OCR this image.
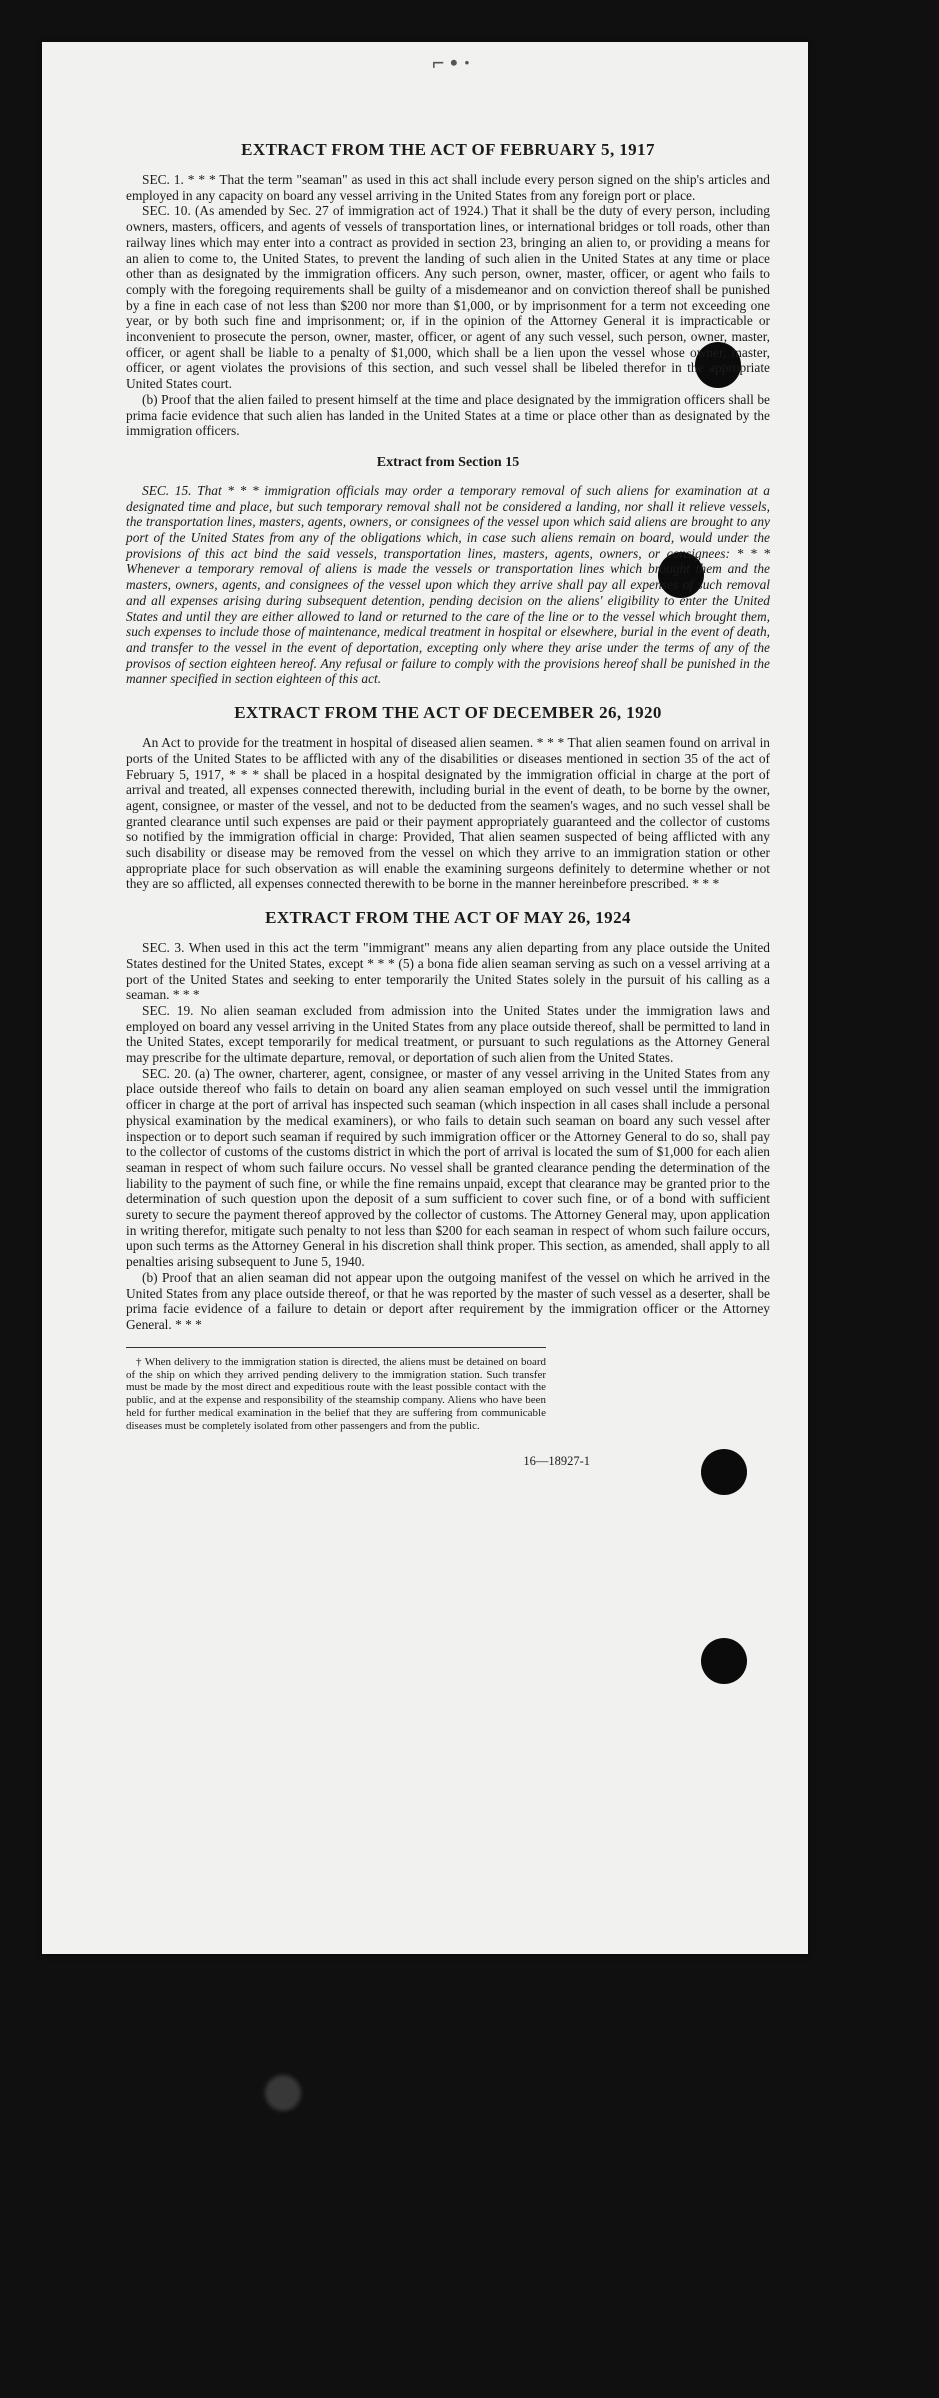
⌐ • ·
EXTRACT FROM THE ACT OF FEBRUARY 5, 1917

SEC. 1. * * * That the term "seaman" as used in this act shall include every person signed on the ship's articles and employed in any capacity on board any vessel arriving in the United States from any foreign port or place.

SEC. 10. (As amended by Sec. 27 of immigration act of 1924.) That it shall be the duty of every person, including owners, masters, officers, and agents of vessels of transportation lines, or international bridges or toll roads, other than railway lines which may enter into a contract as provided in section 23, bringing an alien to, or providing a means for an alien to come to, the United States, to prevent the landing of such alien in the United States at any time or place other than as designated by the immigration officers. Any such person, owner, master, officer, or agent who fails to comply with the foregoing requirements shall be guilty of a misdemeanor and on conviction thereof shall be punished by a fine in each case of not less than $200 nor more than $1,000, or by imprisonment for a term not exceeding one year, or by both such fine and imprisonment; or, if in the opinion of the Attorney General it is impracticable or inconvenient to prosecute the person, owner, master, officer, or agent of any such vessel, such person, owner, master, officer, or agent shall be liable to a penalty of $1,000, which shall be a lien upon the vessel whose owner, master, officer, or agent violates the provisions of this section, and such vessel shall be libeled therefor in the appropriate United States court.

(b) Proof that the alien failed to present himself at the time and place designated by the immigration officers shall be prima facie evidence that such alien has landed in the United States at a time or place other than as designated by the immigration officers.

Extract from Section 15

SEC. 15. That * * * immigration officials may order a temporary removal of such aliens for examination at a designated time and place, but such temporary removal shall not be considered a landing, nor shall it relieve vessels, the transportation lines, masters, agents, owners, or consignees of the vessel upon which said aliens are brought to any port of the United States from any of the obligations which, in case such aliens remain on board, would under the provisions of this act bind the said vessels, transportation lines, masters, agents, owners, or consignees: * * * Whenever a temporary removal of aliens is made the vessels or transportation lines which brought them and the masters, owners, agents, and consignees of the vessel upon which they arrive shall pay all expenses of such removal and all expenses arising during subsequent detention, pending decision on the aliens' eligibility to enter the United States and until they are either allowed to land or returned to the care of the line or to the vessel which brought them, such expenses to include those of maintenance, medical treatment in hospital or elsewhere, burial in the event of death, and transfer to the vessel in the event of deportation, excepting only where they arise under the terms of any of the provisos of section eighteen hereof. Any refusal or failure to comply with the provisions hereof shall be punished in the manner specified in section eighteen of this act.

EXTRACT FROM THE ACT OF DECEMBER 26, 1920

An Act to provide for the treatment in hospital of diseased alien seamen. * * * That alien seamen found on arrival in ports of the United States to be afflicted with any of the disabilities or diseases mentioned in section 35 of the act of February 5, 1917, * * * shall be placed in a hospital designated by the immigration official in charge at the port of arrival and treated, all expenses connected therewith, including burial in the event of death, to be borne by the owner, agent, consignee, or master of the vessel, and not to be deducted from the seamen's wages, and no such vessel shall be granted clearance until such expenses are paid or their payment appropriately guaranteed and the collector of customs so notified by the immigration official in charge: Provided, That alien seamen suspected of being afflicted with any such disability or disease may be removed from the vessel on which they arrive to an immigration station or other appropriate place for such observation as will enable the examining surgeons definitely to determine whether or not they are so afflicted, all expenses connected therewith to be borne in the manner hereinbefore prescribed. * * *

EXTRACT FROM THE ACT OF MAY 26, 1924

SEC. 3. When used in this act the term "immigrant" means any alien departing from any place outside the United States destined for the United States, except * * * (5) a bona fide alien seaman serving as such on a vessel arriving at a port of the United States and seeking to enter temporarily the United States solely in the pursuit of his calling as a seaman. * * *

SEC. 19. No alien seaman excluded from admission into the United States under the immigration laws and employed on board any vessel arriving in the United States from any place outside thereof, shall be permitted to land in the United States, except temporarily for medical treatment, or pursuant to such regulations as the Attorney General may prescribe for the ultimate departure, removal, or deportation of such alien from the United States.

SEC. 20. (a) The owner, charterer, agent, consignee, or master of any vessel arriving in the United States from any place outside thereof who fails to detain on board any alien seaman employed on such vessel until the immigration officer in charge at the port of arrival has inspected such seaman (which inspection in all cases shall include a personal physical examination by the medical examiners), or who fails to detain such seaman on board any such vessel after inspection or to deport such seaman if required by such immigration officer or the Attorney General to do so, shall pay to the collector of customs of the customs district in which the port of arrival is located the sum of $1,000 for each alien seaman in respect of whom such failure occurs. No vessel shall be granted clearance pending the determination of the liability to the payment of such fine, or while the fine remains unpaid, except that clearance may be granted prior to the determination of such question upon the deposit of a sum sufficient to cover such fine, or of a bond with sufficient surety to secure the payment thereof approved by the collector of customs. The Attorney General may, upon application in writing therefor, mitigate such penalty to not less than $200 for each seaman in respect of whom such failure occurs, upon such terms as the Attorney General in his discretion shall think proper. This section, as amended, shall apply to all penalties arising subsequent to June 5, 1940.

(b) Proof that an alien seaman did not appear upon the outgoing manifest of the vessel on which he arrived in the United States from any place outside thereof, or that he was reported by the master of such vessel as a deserter, shall be prima facie evidence of a failure to detain or deport after requirement by the immigration officer or the Attorney General. * * *

† When delivery to the immigration station is directed, the aliens must be detained on board of the ship on which they arrived pending delivery to the immigration station. Such transfer must be made by the most direct and expeditious route with the least possible contact with the public, and at the expense and responsibility of the steamship company. Aliens who have been held for further medical examination in the belief that they are suffering from communicable diseases must be completely isolated from other passengers and from the public.

16—18927-1
